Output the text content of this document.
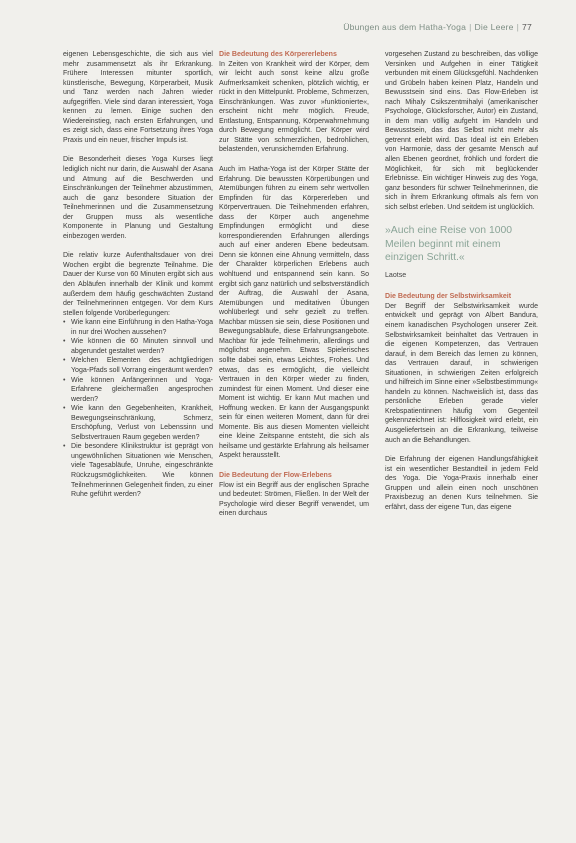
Übungen aus dem Hatha-Yoga | Die Leere | 77

eigenen Lebensgeschichte, die sich aus viel mehr zusammensetzt als ihr Erkrankung. Frühere Interessen mitunter sportlich, künstlerische, Bewegung, Körperarbeit, Musik und Tanz werden nach Jahren wieder aufgegriffen. Viele sind daran interessiert, Yoga kennen zu lernen. Einige suchen den Wiedereinstieg, nach ersten Erfahrungen, und es zeigt sich, dass eine Fortsetzung ihres Yoga Praxis und ein neuer, frischer Impuls ist.

Die Besonderheit dieses Yoga Kurses liegt lediglich nicht nur darin, die Auswahl der Asana und Atmung auf die Beschwerden und Einschränkungen der Teilnehmer abzustimmen, auch die ganz besondere Situation der Teilnehmerinnen und die Zusammensetzung der Gruppen muss als wesentliche Komponente in Planung und Gestaltung einbezogen werden.

Die relativ kurze Aufenthaltsdauer von drei Wochen ergibt die begrenzte Teilnahme. Die Dauer der Kurse von 60 Minuten ergibt sich aus den Abläufen innerhalb der Klinik und kommt außerdem dem häufig geschwächten Zustand der Teilnehmerinnen entgegen. Vor dem Kurs stellen folgende Vorüberlegungen:

• Wie kann eine Einführung in den Hatha-Yoga in nur drei Wochen aussehen?
• Wie können die 60 Minuten sinnvoll und abgerundet gestaltet werden?
• Welchen Elementen des achtgliedrigen Yoga-Pfads soll Vorrang eingeräumt werden?
• Wie können Anfängerinnen und Yoga-Erfahrene gleichermaßen angesprochen werden?
• Wie kann den Gegebenheiten, Krankheit, Bewegungseinschränkung, Schmerz, Erschöpfung, Verlust von Lebenssinn und Selbstvertrauen Raum gegeben werden?
• Die besondere Klinikstruktur ist geprägt von ungewöhnlichen Situationen wie Menschen, viele Tagesabläufe, Unruhe, eingeschränkte Rückzugsmöglichkeiten. Wie können Teilnehmerinnen Gelegenheit finden, zu einer Ruhe geführt werden?
Die Bedeutung des Körpererlebens

In Zeiten von Krankheit wird der Körper, dem wir leicht auch sonst keine allzu große Aufmerksamkeit schenken, plötzlich wichtig, er rückt in den Mittelpunkt. Probleme, Schmerzen, Einschränkungen. Was zuvor »funktionierte«, erscheint nicht mehr möglich. Freude, Entlastung, Entspannung, Körperwahrnehmung durch Bewegung ermöglicht. Der Körper wird zur Stätte von schmerzlichen, bedrohlichen, belastenden, verunsichernden Erfahrung.

Auch im Hatha-Yoga ist der Körper Stätte der Erfahrung. Die bewussten Körperübungen und Atemübungen führen zu einem sehr wertvollen Empfinden für das Körpererleben und Körpervertrauen. Die Teilnehmenden erfahren, dass der Körper auch angenehme Empfindungen ermöglicht und diese korrespondierenden Erfahrungen allerdings auch auf einer anderen Ebene bedeutsam. Denn sie können eine Ahnung vermitteln, dass der Charakter körperlichen Erlebens auch wohltuend und entspannend sein kann. So ergibt sich ganz natürlich und selbstverständlich der Auftrag, die Auswahl der Asana, Atemübungen und meditativen Übungen wohlüberlegt und sehr gezielt zu treffen. Machbar müssen sie sein, diese Positionen und Bewegungsabläufe, diese Erfahrungsangebote. Machbar für jede Teilnehmerin, allerdings und möglichst angenehm. Etwas Spielerisches sollte dabei sein, etwas Leichtes, Frohes. Und etwas, das es ermöglicht, die vielleicht Vertrauen in den Körper wieder zu finden, zumindest für einen Moment. Und dieser eine Moment ist wichtig. Er kann Mut machen und Hoffnung wecken. Er kann der Ausgangspunkt sein für einen weiteren Moment, dann für drei Momente. Bis aus diesen Momenten vielleicht eine kleine Zeitspanne entsteht, die sich als heilsame und gestärkte Erfahrung als heilsamer Aspekt herausstellt.

Die Bedeutung der Flow-Erlebens

Flow ist ein Begriff aus der englischen Sprache und bedeutet: Strömen, Fließen. In der Welt der Psychologie wird dieser Begriff verwendet, um einen durchaus

vorgesehen Zustand zu beschreiben, das völlige Versinken und Aufgehen in einer Tätigkeit verbunden mit einem Glücksgefühl. Nachdenken und Grübeln haben keinen Platz, Handeln und Bewusstsein sind eins. Das Flow-Erleben ist nach Mihaly Csikszentmihalyi (amerikanischer Psychologe, Glücksforscher, Autor) ein Zustand, in dem man völlig aufgeht im Handeln und Bewusstsein, das das Selbst nicht mehr als getrennt erlebt wird. Das Ideal ist ein Erleben von Harmonie, dass der gesamte Mensch auf allen Ebenen geordnet, fröhlich und fordert die Möglichkeit, für sich mit beglückender Erlebnisse. Ein wichtiger Hinweis zug des Yoga, ganz besonders für schwer Teilnehmerinnen, die sich in ihrem Erkrankung oftmals als fern von sich selbst erleben. Und seitdem ist unglücklich.

»Auch eine Reise von 1000 Meilen beginnt mit einem einzigen Schritt.«
Laotse
Die Bedeutung der Selbstwirksamkeit

Der Begriff der Selbstwirksamkeit wurde entwickelt und geprägt von Albert Bandura, einem kanadischen Psychologen unserer Zeit. Selbstwirksamkeit beinhaltet das Vertrauen in die eigenen Kompetenzen, das Vertrauen darauf, in dem Bereich das lernen zu können, das Vertrauen darauf, in schwierigen Situationen, in schwierigen Zeiten erfolgreich und hilfreich im Sinne einer »Selbstbestimmung« handeln zu können. Nachweislich ist, dass das persönliche Erleben gerade vieler Krebspatientinnen häufig vom Gegenteil gekennzeichnet ist: Hilflosigkeit wird erlebt, ein Ausgeliefertsein an die Erkrankung, teilweise auch an die Behandlungen.

Die Erfahrung der eigenen Handlungsfähigkeit ist ein wesentlicher Bestandteil in jedem Feld des Yoga. Die Yoga-Praxis innerhalb einer Gruppen und allein einen noch unschönen Praxisbezug an denen Kurs teilnehmen. Sie erfährt, dass der eigene Tun, das eigene
